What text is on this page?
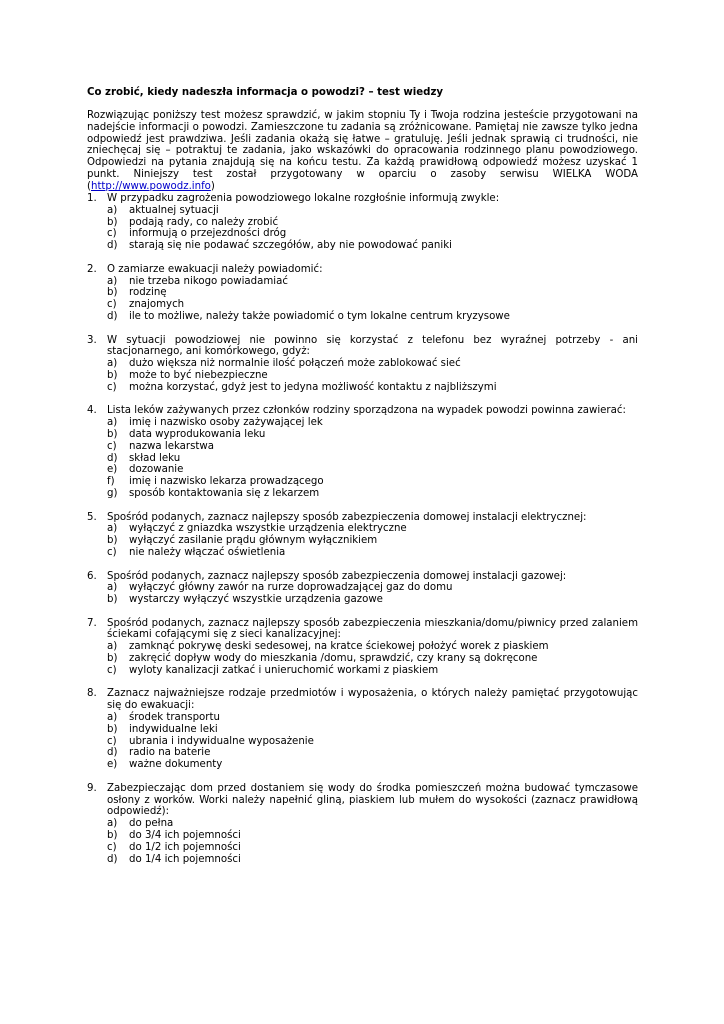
Co zrobić, kiedy nadeszła informacja o powodzi? – test wiedzy

Rozwiązując poniższy test możesz sprawdzić, w jakim stopniu Ty i Twoja rodzina jesteście przygotowani na nadejście informacji o powodzi. Zamieszczone tu zadania są zróżnicowane. Pamiętaj nie zawsze tylko jedna odpowiedź jest prawdziwa. Jeśli zadania okażą się łatwe – gratuluję. Jeśli jednak sprawią ci trudności, nie zniechęcaj się – potraktuj te zadania, jako wskazówki do opracowania rodzinnego planu powodziowego. Odpowiedzi na pytania znajdują się na końcu testu. Za każdą prawidłową odpowiedź możesz uzyskać 1 punkt. Niniejszy test został przygotowany w oparciu o zasoby serwisu WIELKA WODA (http://www.powodz.info)

1. W przypadku zagrożenia powodziowego lokalne rozgłośnie informują zwykle:

a) aktualnej sytuacji
b) podają rady, co należy zrobić
c) informują o przejezdności dróg
d) starają się nie podawać szczegółów, aby nie powodować paniki
2. O zamiarze ewakuacji należy powiadomić:

a) nie trzeba nikogo powiadamiać
b) rodzinę
c) znajomych
d) ile to możliwe, należy także powiadomić o tym lokalne centrum kryzysowe
3. W sytuacji powodziowej nie powinno się korzystać z telefonu bez wyraźnej potrzeby - ani stacjonarnego, ani komórkowego, gdyż:

a) dużo większa niż normalnie ilość połączeń może zablokować sieć
b) może to być niebezpieczne
c) można korzystać, gdyż jest to jedyna możliwość kontaktu z najbliższymi
4. Lista leków zażywanych przez członków rodziny sporządzona na wypadek powodzi powinna zawierać:

a) imię i nazwisko osoby zażywającej lek
b) data wyprodukowania leku
c) nazwa lekarstwa
d) skład leku
e) dozowanie
f) imię i nazwisko lekarza prowadzącego
g) sposób kontaktowania się z lekarzem
5. Spośród podanych, zaznacz najlepszy sposób zabezpieczenia domowej instalacji elektrycznej:

a) wyłączyć z gniazdka wszystkie urządzenia elektryczne
b) wyłączyć zasilanie prądu głównym wyłącznikiem
c) nie należy włączać oświetlenia
6. Spośród podanych, zaznacz najlepszy sposób zabezpieczenia domowej instalacji gazowej:

a) wyłączyć główny zawór na rurze doprowadzającej gaz do domu
b) wystarczy wyłączyć wszystkie urządzenia gazowe
7. Spośród podanych, zaznacz najlepszy sposób zabezpieczenia mieszkania/domu/piwnicy przed zalaniem ściekami cofającymi się z sieci kanalizacyjnej:

a) zamknąć pokrywę deski sedesowej, na kratce ściekowej położyć worek z piaskiem
b) zakręcić dopływ wody do mieszkania /domu, sprawdzić, czy krany są dokręcone
c) wyloty kanalizacji zatkać i unieruchomić workami z piaskiem
8. Zaznacz najważniejsze rodzaje przedmiotów i wyposażenia, o których należy pamiętać przygotowując się do ewakuacji:

a) środek transportu
b) indywidualne leki
c) ubrania i indywidualne wyposażenie
d) radio na baterie
e) ważne dokumenty
9. Zabezpieczając dom przed dostaniem się wody do środka pomieszczeń można budować tymczasowe osłony z worków. Worki należy napełnić gliną, piaskiem lub mułem do wysokości (zaznacz prawidłową odpowiedź):

a) do pełna
b) do 3/4 ich pojemności
c) do 1/2 ich pojemności
d) do 1/4 ich pojemności
